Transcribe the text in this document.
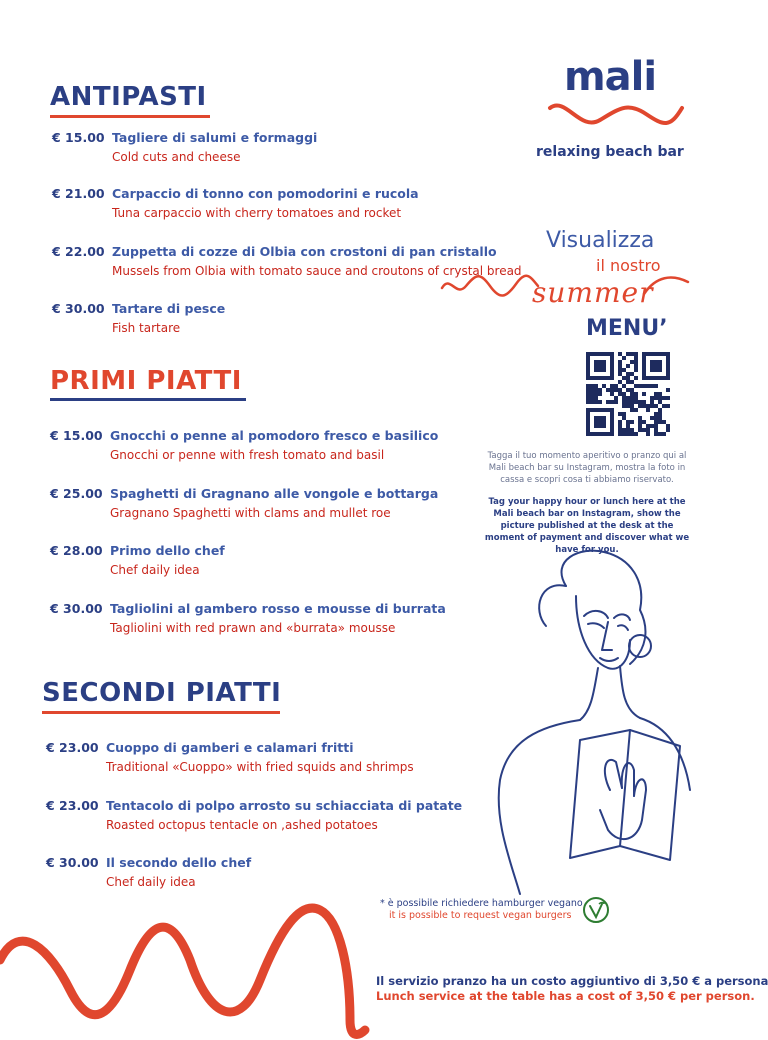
ANTIPASTI
€ 15.00 Tagliere di salumi e formaggi
Cold cuts and cheese
€ 21.00 Carpaccio di tonno con pomodorini e rucola
Tuna carpaccio with cherry tomatoes and rocket
€ 22.00 Zuppetta di cozze di Olbia con crostoni di pan cristallo
Mussels from Olbia with tomato sauce and croutons of crystal bread
€ 30.00 Tartare di pesce
Fish tartare
PRIMI PIATTI
€ 15.00 Gnocchi o penne al pomodoro fresco e basilico
Gnocchi or penne with fresh tomato and basil
€ 25.00 Spaghetti di Gragnano alle vongole e bottarga
Gragnano Spaghetti with clams and mullet roe
€ 28.00 Primo dello chef
Chef daily idea
€ 30.00 Tagliolini al gambero rosso e mousse di burrata
Tagliolini with red prawn and «burrata» mousse
SECONDI PIATTI
€ 23.00 Cuoppo di gamberi e calamari fritti
Traditional «Cuoppo» with fried squids and shrimps
€ 23.00 Tentacolo di polpo arrosto su schiacciata di patate
Roasted octopus tentacle on ,ashed potatoes
€ 30.00 Il secondo dello chef
Chef daily idea
mali
relaxing beach bar
Visualizza
il nostro
summer
MENU’
Tagga il tuo momento aperitivo o pranzo qui al Mali beach bar su Instagram, mostra la foto in cassa e scopri cosa ti abbiamo riservato.
Tag your happy hour or lunch here at the Mali beach bar on Instagram, show the picture published at the desk at the moment of payment and discover what we have for you.
* è possibile richiedere hamburger vegano
it is possible to request vegan burgers
Il servizio pranzo ha un costo aggiuntivo di 3,50 € a persona
Lunch service at the table has a cost of 3,50 € per person.
